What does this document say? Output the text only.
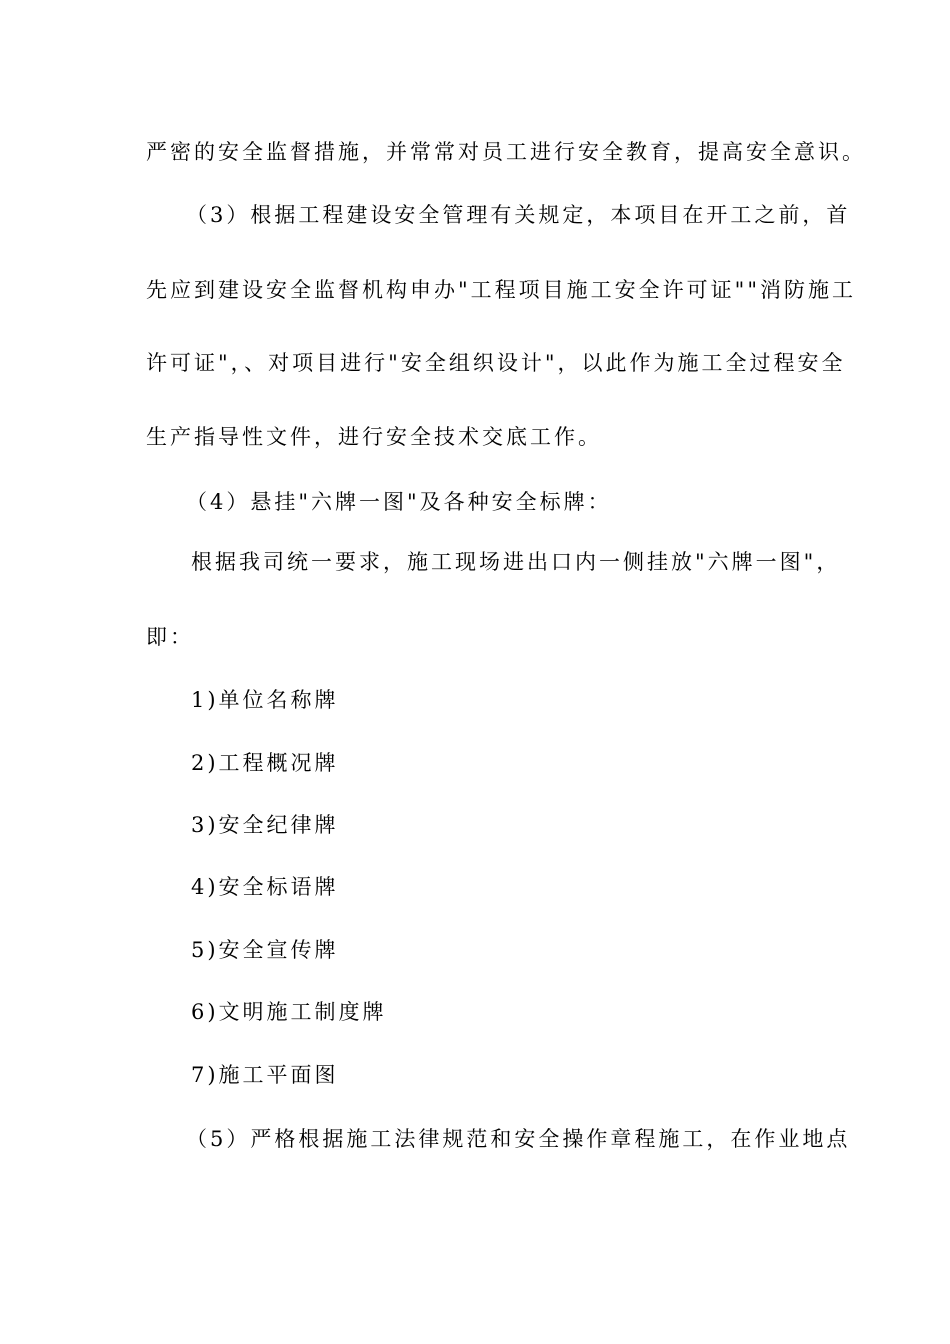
严密的安全监督措施，并常常对员工进行安全教育，提高安全意识。
（3）根据工程建设安全管理有关规定，本项目在开工之前，首
先应到建设安全监督机构申办"工程项目施工安全许可证""消防施工
许可证"，、对项目进行"安全组织设计"，以此作为施工全过程安全
生产指导性文件，进行安全技术交底工作。
（4）悬挂"六牌一图"及各种安全标牌：
根据我司统一要求，施工现场进出口内一侧挂放"六牌一图"，
即：
1)单位名称牌
2)工程概况牌
3)安全纪律牌
4)安全标语牌
5)安全宣传牌
6)文明施工制度牌
7)施工平面图
（5）严格根据施工法律规范和安全操作章程施工，在作业地点
